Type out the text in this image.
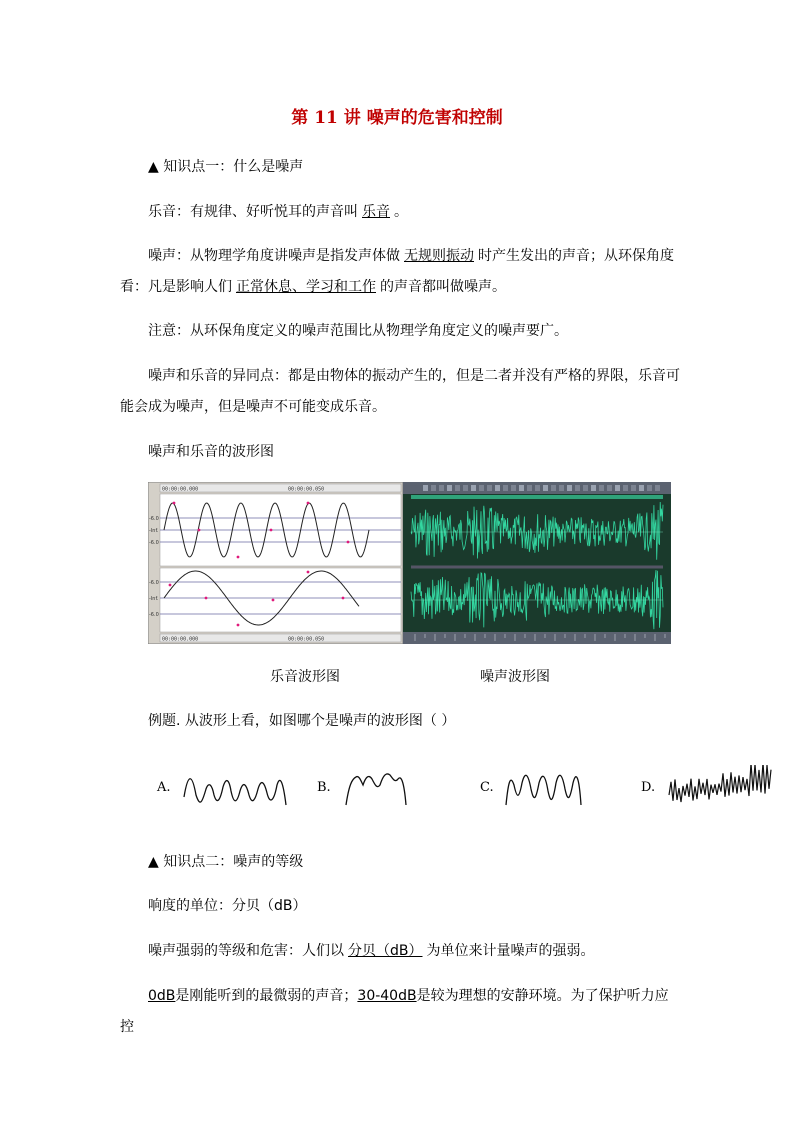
第 11 讲 噪声的危害和控制

▲ 知识点一：什么是噪声

乐音：有规律、好听悦耳的声音叫 乐音 。

噪声：从物理学角度讲噪声是指发声体做 无规则振动 时产生发出的声音；从环保角度看：凡是影响人们 正常休息、学习和工作 的声音都叫做噪声。

注意：从环保角度定义的噪声范围比从物理学角度定义的噪声要广。

噪声和乐音的异同点：都是由物体的振动产生的，但是二者并没有严格的界限，乐音可能会成为噪声，但是噪声不可能变成乐音。

噪声和乐音的波形图

00:00:00.000	00:00:00.050
-6.0
-Inf.
-6.0
-6.0
-Inf.
-6.0
00:00:00.000	00:00:00.050
乐音波形图	噪声波形图

例题. 从波形上看，如图哪个是噪声的波形图（ ）

A.	B.	C.	D.

▲ 知识点二：噪声的等级

响度的单位：分贝（dB）

噪声强弱的等级和危害：人们以 分贝（dB） 为单位来计量噪声的强弱。

0dB是刚能听到的最微弱的声音；30-40dB是较为理想的安静环境。为了保护听力应控
